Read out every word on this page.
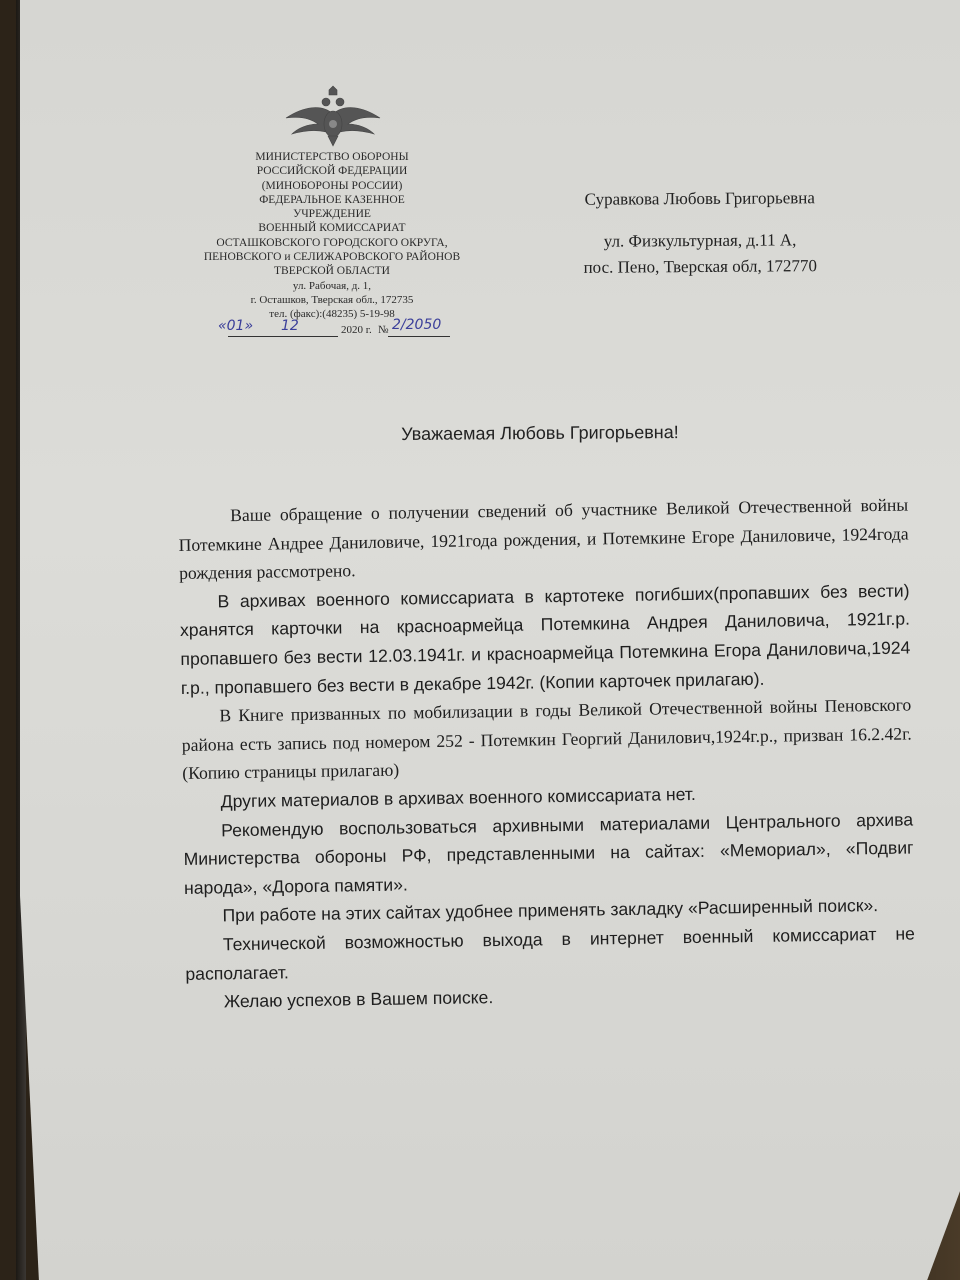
МИНИСТЕРСТВО ОБОРОНЫ
РОССИЙСКОЙ ФЕДЕРАЦИИ
(МИНОБОРОНЫ РОССИИ)
ФЕДЕРАЛЬНОЕ КАЗЕННОЕ
УЧРЕЖДЕНИЕ
ВОЕННЫЙ КОМИССАРИАТ
ОСТАШКОВСКОГО ГОРОДСКОГО ОКРУГА,
ПЕНОВСКОГО и СЕЛИЖАРОВСКОГО РАЙОНОВ
ТВЕРСКОЙ ОБЛАСТИ
ул. Рабочая, д. 1,
г. Осташков, Тверская обл., 172735
тел. (факс):(48235) 5-19-98
«01» 12	2020 г. № 2/2050
Суравкова Любовь Григорьевна
ул. Физкультурная, д.11 А,
пос. Пено, Тверская обл, 172770
Уважаемая Любовь Григорьевна!

Ваше обращение о получении сведений об участнике Великой Отечественной войны Потемкине Андрее Даниловиче, 1921года рождения, и Потемкине Егоре Даниловиче, 1924года рождения рассмотрено.

В архивах военного комиссариата в картотеке погибших(пропавших без вести) хранятся карточки на красноармейца Потемкина Андрея Даниловича, 1921г.р. пропавшего без вести 12.03.1941г. и красноармейца Потемкина Егора Даниловича,1924 г.р., пропавшего без вести в декабре 1942г. (Копии карточек прилагаю).

В Книге призванных по мобилизации в годы Великой Отечественной войны Пеновского района есть запись под номером 252 - Потемкин Георгий Данилович,1924г.р., призван 16.2.42г. (Копию страницы прилагаю)

Других материалов в архивах военного комиссариата нет.

Рекомендую воспользоваться архивными материалами Центрального архива Министерства обороны РФ, представленными на сайтах: «Мемориал», «Подвиг народа», «Дорога памяти».

При работе на этих сайтах удобнее применять закладку «Расширенный поиск».

Технической возможностью выхода в интернет военный комиссариат не располагает.

Желаю успехов в Вашем поиске.
